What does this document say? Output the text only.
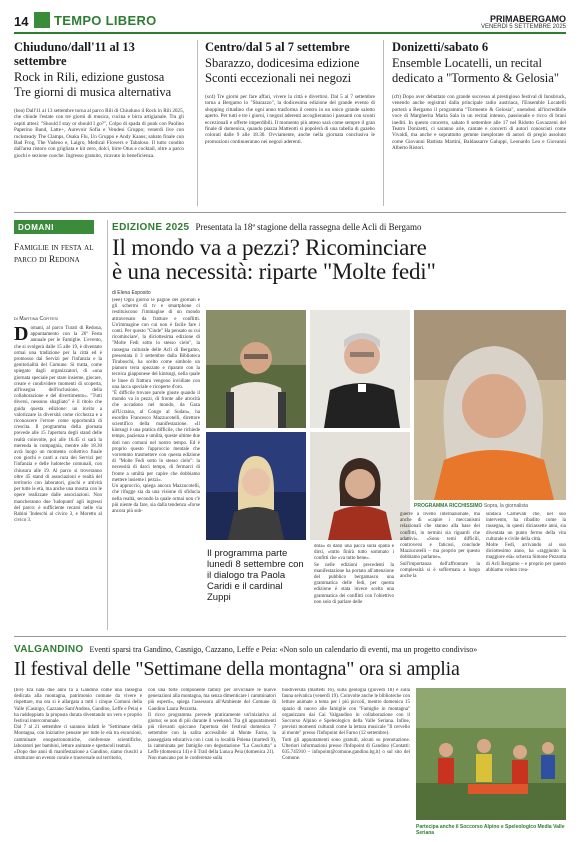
14 TEMPO LIBERO	PRIMABERGAMO
VENERDÌ 5 SETTEMBRE 2025
Chiuduno/dall'11 al 13 settembre
Rock in Rili, edizione gustosa
Tre giorni di musica alternativa
(bea) Dall'11 al 13 settembre torna al parco Rili di Chiuduno il Rock in Rili 2025, che chiude l'estate con tre giorni di musica, cucina e birra artigianale. Tra gli ospiti attesi: "Should I stay or should I go?", Colpo di spada di punk con Paolino Paperino Band, Latte+, Aurevoir Sofia e Vendesi Gruppo; venerdì live con rocksteady The Clamps, Osaka Flu, Un Gruppo e Andy Kaaos; sabato finale con Bad Frog, The Vadeoo e, Laigro, Medical Flowers e Tabaloso. Il tutto condito dall'area ristoro con grigliata e kit zero, dolci, birre Otus e cocktail, oltre a parco giochi e sezione cuoche. Ingresso gratuito, ricavato in beneficienza.
Centro/dal 5 al 7 settembre
Sbarazzo, dodicesima edizione
Sconti eccezionali nei negozi
(sc4) Tre giorni per fare affari, vivere la città e divertirsi. Dal 5 al 7 settembre torna a Bergamo lo "Sbarazzo", la dodicesima edizione del grande evento di shopping cittadino che ogni anno trasforma il centro in un unico grande salotto aperto. Per tutti e tre i giorni, i negozi aderenti accoglieranno i passanti con sconti eccezionali e offerte imperdibili. Il momento più atteso sarà come sempre il gran finale di domenica, quando piazza Matteotti si popolerà di una tabella di gazebo colorati dalle 9 alle 18.30. Ovviamente, anche nella giornata conclusiva le promozioni continueranno nei negozi aderenti.
Donizetti/sabato 6
Ensemble Locatelli, un recital
dedicato a "Tormento & Gelosia"
(cft) Dopo aver debuttato con grande successo al prestigioso festival di Innsbruck, venendo anche registrati dalla principale radio austriaca, l'Ensemble Locatelli porterà a Bergamo il programma "Tormento & Gelosia", unendosi all'incredibile voce di Margherita Maria Sala in un recital intenso, passionale e ricco di brani inediti. In questo concerto, sabato 6 settembre alle 17 nel Ridotto Gavazzeni del Teatro Donizetti, ci saranno arie, cantate e concerti di autori conosciuti come Vivaldi, ma anche e soprattutto gemme inesplorate di autori di pregio assoluto come Giovanni Battista Martini, Baldassarre Galuppi, Leonardo Leo e Giovanni Alberto Ristori.
DOMANI
Famiglie in festa al parco di Redona
di Martina Cortesi
Domani, al parco Turati di Redona, appuntamento con la 26ª Festa annuale per le Famiglie. L'evento, che si svolgerà dalle 15 alle 19, è diventato ormai una tradizione per la città ed è promosso dai Servizi per l'infanzia e la genitorialità del Comune. Si tratta, come spiegato dagli organizzatori, di «una giornata speciale per stare insieme, giocare, creare e condividere momenti di scoperta, all'insegna dell'inclusione, della collaborazione e del divertimento». "Tutti diversi, nessuno sbagliato" è il titolo che guida questa edizione: un invito a valorizzare la diversità come ricchezza e a riconoscere l'errore come opportunità di crescita. Il programma della giornata prevede alle 15 l'apertura degli stand delle realtà coinvolte, poi alle 16.45 ci sarà la merenda in compagnia, mentre alle 18.30 avrà luogo un momento collettivo finale con giochi e canti a cura dei Servizi per l'infanzia e delle ludoteche comunali, con chiusura alle 19. Al parco si troveranno oltre 45 stand di associazioni e realtà del territorio con laboratori, giochi e attività per tutte le età, ma anche una mostra con le opere realizzate dalle associazioni. Non mancheranno due 'ludopunti' agli ingressi del parco: è sufficiente recarsi nelle via Rabini 'Indeschi al civico 3, e Moretto al civico 3.
EDIZIONE 2025 Presentata la 18ª stagione della rassegna delle Acli di Bergamo
Il mondo va a pezzi? Ricominciare
è una necessità: riparte "Molte fedi"
di Elena Esposito
(eee) Ogni giorno le pagine dei giornali e gli schermi di tv e smartphone ci restituiscono l'immagine di un mondo attraversato da fratture e conflitti. Un'immagine con cui non è facile fare i conti. Per questo "Cinde" Ha pensato su cui ricominciare', la diciottesima edizione di "Molte Fedi sotto lo stesso cielo", la rassegna culturale delle Acli di Bergamo, presentata il 3 settembre dalla Biblioteca Tiraboschi, ha scelto come simbolo un pianoro terra spezzato e riparato con la tecnica giapponese del kintsugi, nella quale le linee di frattura vengono invidiate con una lacca speciale e ricoperte d'oro.
"È difficile trovare parole giuste quando il mondo va in pezzi, di fronte alle atrocità che accadono nel mondo, da Gaza all'Ucraina, al Congo al Sudan», ha esordito Francesco Mazzucotelli, direttore scientifico della manifestazione. «Il kintsugi è una pratica difficile, che richiede tempo, pazienza e umiltà, queste ultime due doti non comuni nel nostro tempo. Ed è proprio questo l'approccio mentale che vorremmo trasmettere con questa edizione di "Molte Fedi sotto lo stesso cielo": la necessità di darci tempo, di fermarci di fronte a umiltà per capire che dobbiamo mettere insieme i pezzi».
Un approccio, spiega ancora Mazzucotelli, che rifugge sia da una visione di sfiducia nella realtà, secondo la quale ormai non c'è più niente da fare, sia dalla tendenza «forse ancora più sub-
PROGRAMMA RICCHISSIMO Sopra, la giornalista
Il programma parte lunedì 8 settembre con il dialogo tra Paola Caridi e il cardinal Zuppi
dola» di darsi una pacca sulla spalla e dirsi, «tutto finirà tutto sommato i confitti che «va tutto bene».
Se nelle edizioni precedenti la manifestazione ha portato all'attenzione del pubblico bergamasco una grammatica delle fedi, per questa edizione è stata invece scelta una grammatica dei conflitti con l'obiettivo non solo di parlare delle
guerre a livello internazionale, ma anche di «capire i meccanismi relazionali che stanno alla base dei conflitti, in termini sia riguardi che adattivi». «Sono temi difficili, controversi e faticosi, conclude Mazzucotelli – ma proprio per questo dobbiamo parlarne».
Sull'importanza dell'affrontare la complessità si è soffermata a lungo anche la
sindaca Carnevali che, nel suo intervento, ha ribadito come la rassegna, in questi diciassette anni, sia diventata un punto fermo della vita culturale e civile della città.
Molte Fedi, arrivando al suo diciottesimo anno, ha «raggiunto la maggiore età» scherza Simone Pezzotta di Acli Bergamo – e proprio per questo abbiamo voluto crea-
VALGANDINO Eventi sparsi tra Gandino, Casnigo, Cazzano, Leffe e Peia: «Non solo un calendario di eventi, ma un progetto condiviso»
Il festival delle "Settimane della montagna" ora si amplia
(b/e) Era nata due anni fa a Gandino come una rassegna dedicata alla montagna, patrimonio comune da vivere e rispettare, ma ora si è allargata a tutti i cinque Comuni della Valle (Casnigo, Cazzano Sant'Andrea, Gandino, Leffe e Peia) e ha raddoppiato la proposta durata diventando un vero e proprio festival intercomunale.
Dal 7 al 21 settembre ci saranno infatti le "Settimane della Montagna, con iniziative pensate per tutte le età tra escursioni, camminate enogastronomiche, conferenze scientifiche, laboratori per bambini, letture animate e spettacoli teatrali.
«Dopo due anni di manifestazione a Gandino, siamo riusciti a strutturare un evento corale e trasversale sul territorio,
con una forte componente family per avvicinare le nuove generazioni alla montagna, ma senza dimenticare i camminatori più esperti», spiega l'assessora all'Ambiente del Comune di Gandino Laura Pezzotta.
Il ricco programma prevede praticamente un'iniziativa al giorno; se non di più durante il weekend. Tra gli appuntamenti più rilevanti spiccano l'apertura del festival domenica 7 settembre con la salita accessibile al Monte Farno, la passeggiata educativa con i cani in località Polena (martedì 9), la camminata per famiglie con degustazione "La Casciutta" a Leffe (domenica 14) e il Trail della Luna a Peia (domenica 21).
Non mancano poi le conferenze sulla
biodiversità (martedì 16), sulla geologia (giovedì 18) e sulla fauna selvatica (venerdì 19). Coinvolte anche le biblioteche con letture animate a tema per i più piccoli, mentre domenica 15 spazio di nuovo alle famiglie con "Famiglie in montagna" organizzato dai Cai Valgandino in collaborazione con il Soccorso Alpino e Speleologico della Valle Seriana. Infine, previsti momenti culturali come la lettura musicale "Il cervello al monte" presso l'Infopoint del Farno (12 settembre).
Tutti gli appuntamenti sono gratuiti, alcuni su prenotazione. Ulteriori informazioni presso l'Infopoint di Gandino (Contatti: 035.745910 – infopoint@comune.gandino.bg.it) o sul sito del Comune.
Partecipa anche il Soccorso Alpino e Speleologico Media Valle Seriana
